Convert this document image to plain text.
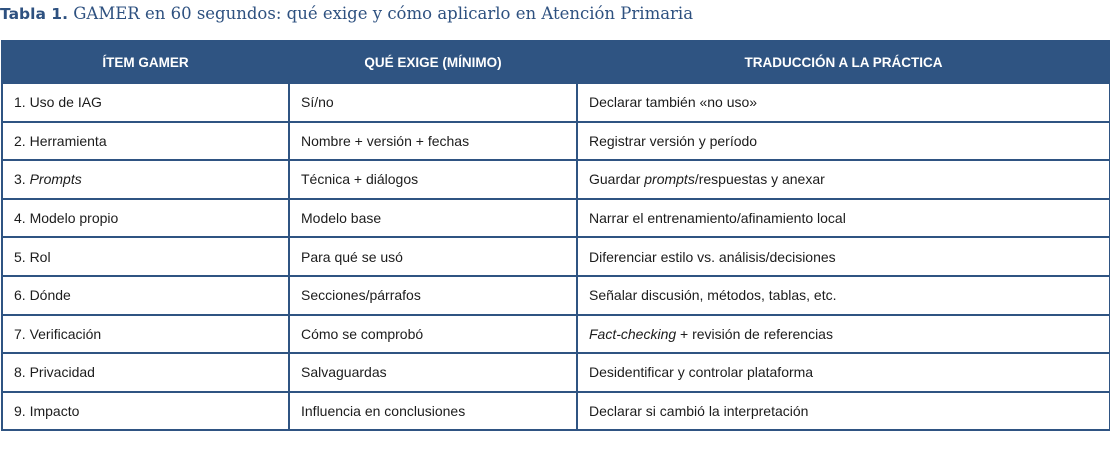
Tabla 1. GAMER en 60 segundos: qué exige y cómo aplicarlo en Atención Primaria
ÍTEM GAMER	QUÉ EXIGE (MÍNIMO)	TRADUCCIÓN A LA PRÁCTICA
1. Uso de IAG	Sí/no	Declarar también «no uso»
2. Herramienta	Nombre + versión + fechas	Registrar versión y período
3. Prompts	Técnica + diálogos	Guardar prompts/respuestas y anexar
4. Modelo propio	Modelo base	Narrar el entrenamiento/afinamiento local
5. Rol	Para qué se usó	Diferenciar estilo vs. análisis/decisiones
6. Dónde	Secciones/párrafos	Señalar discusión, métodos, tablas, etc.
7. Verificación	Cómo se comprobó	Fact-checking + revisión de referencias
8. Privacidad	Salvaguardas	Desidentificar y controlar plataforma
9. Impacto	Influencia en conclusiones	Declarar si cambió la interpretación
